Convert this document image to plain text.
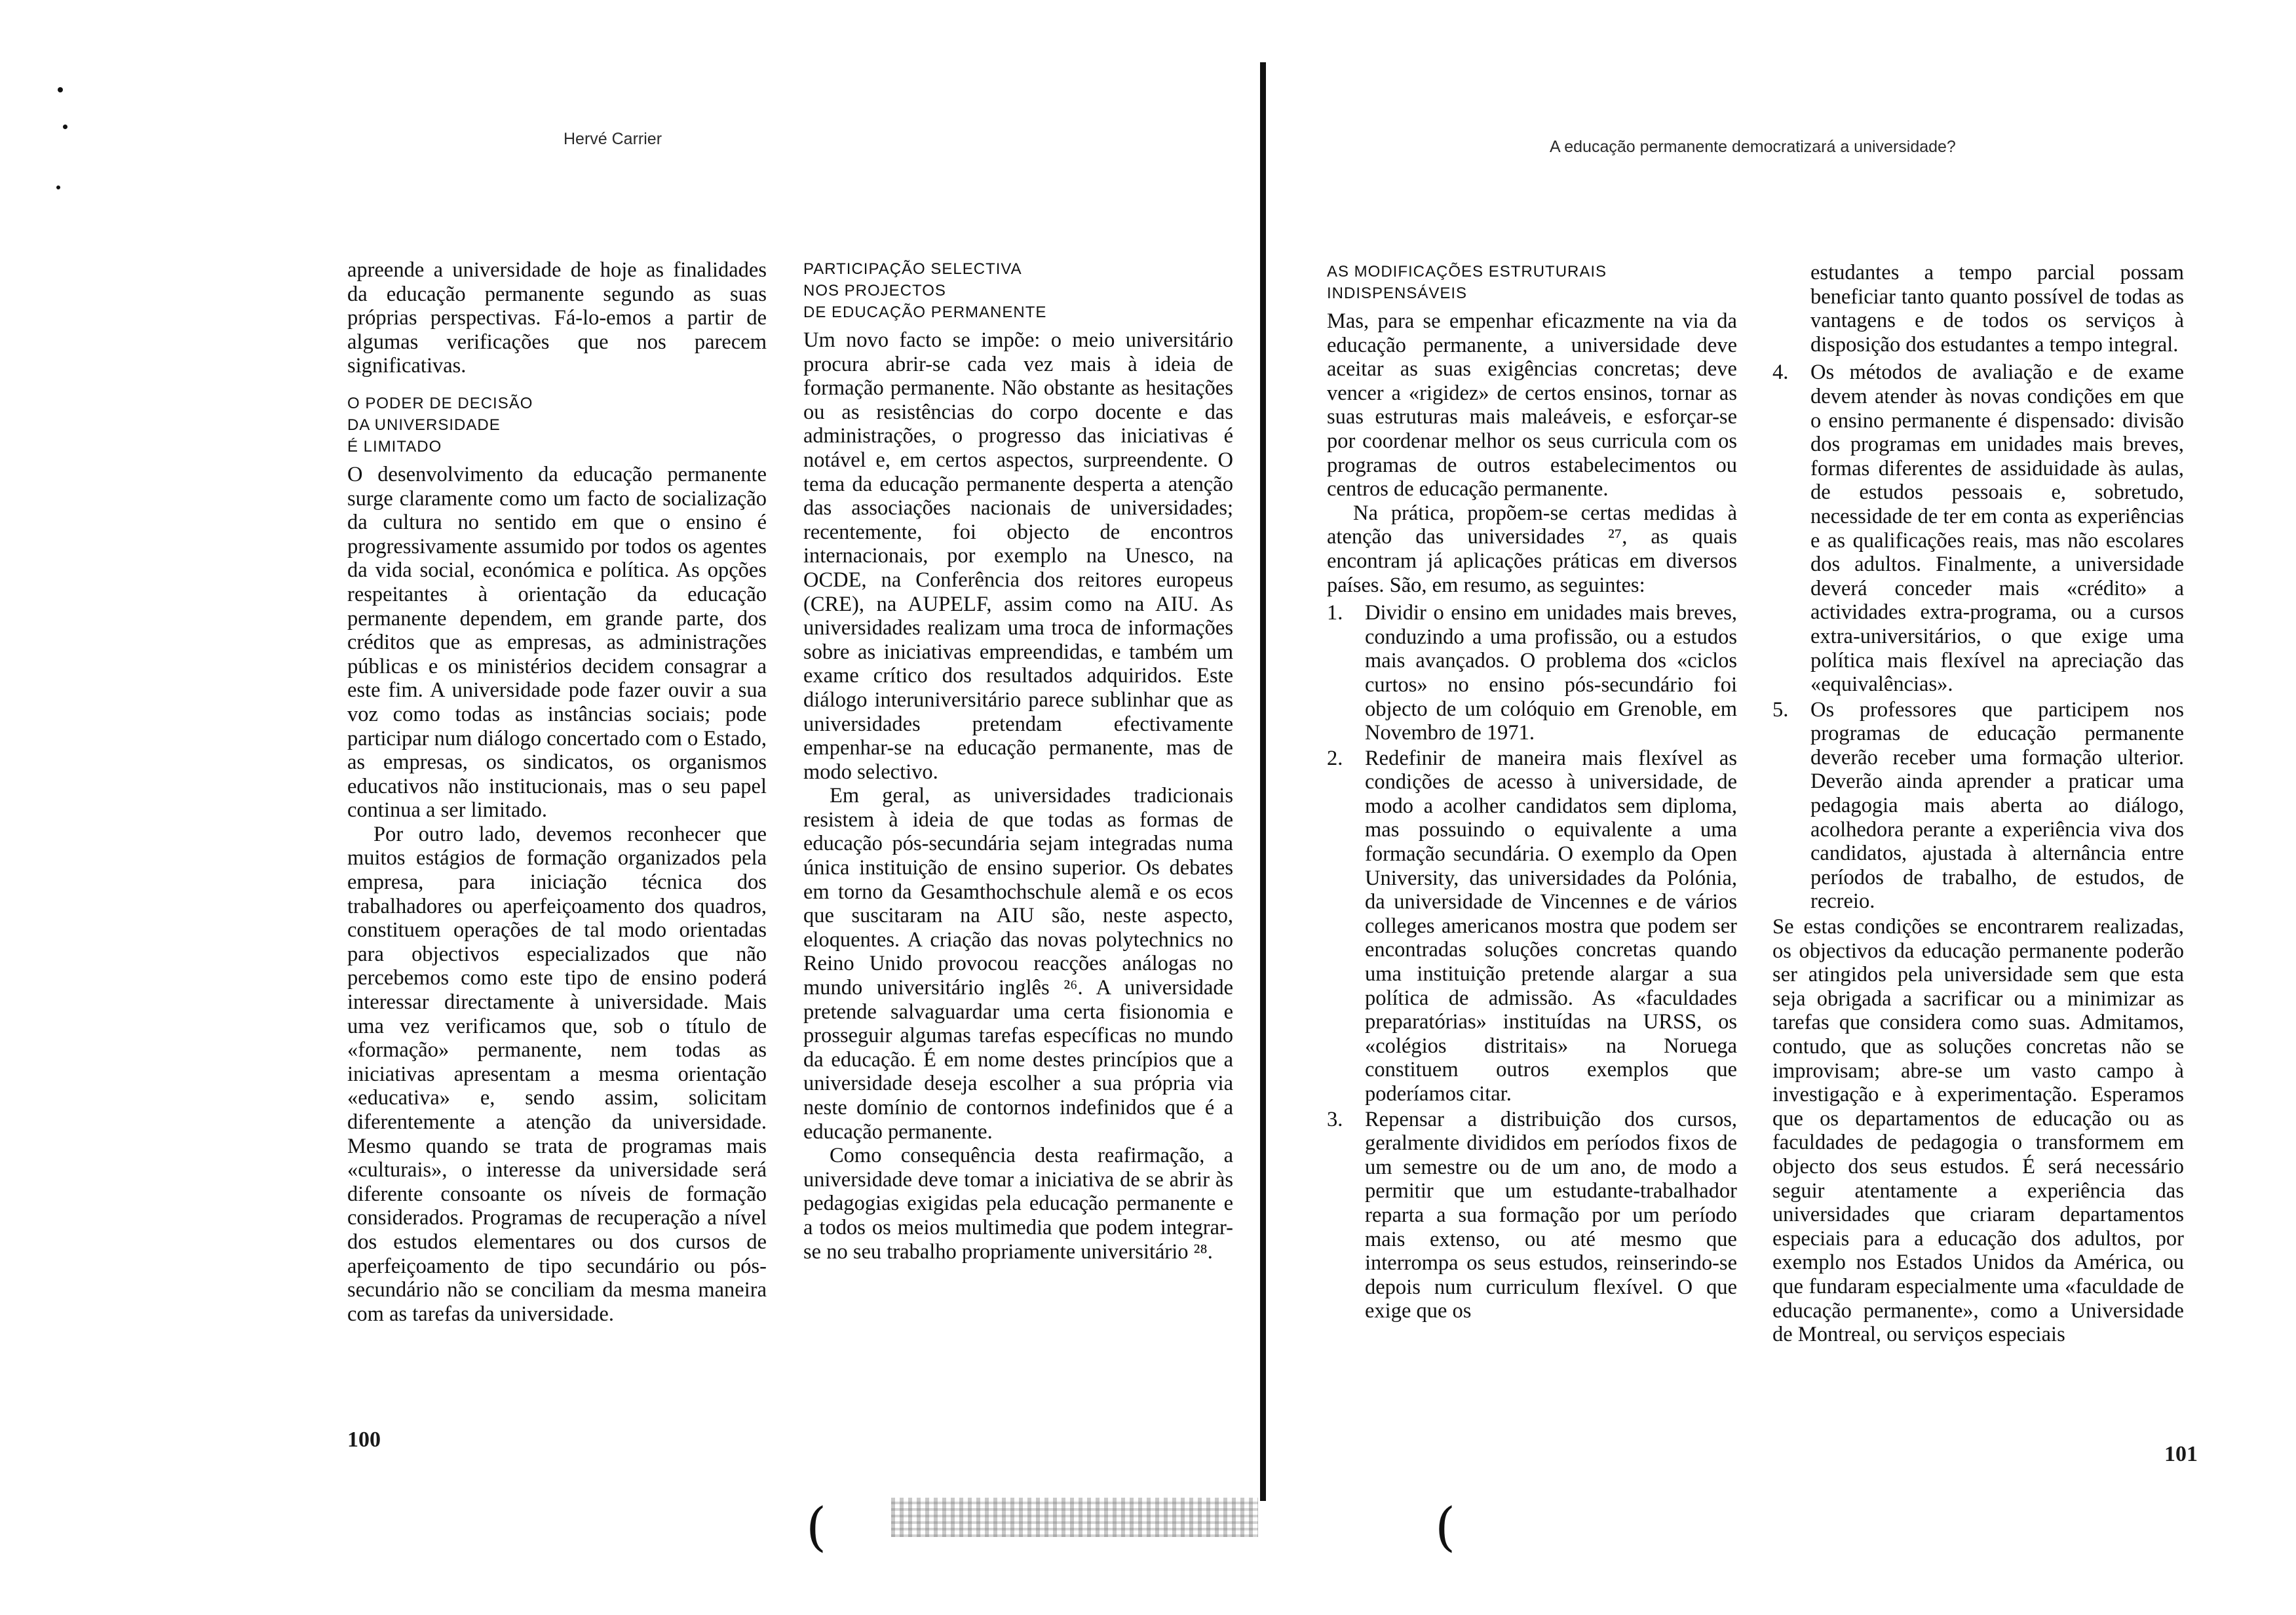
Hervé Carrier

apreende a universidade de hoje as finalidades da educação permanente segundo as suas próprias perspectivas. Fá-lo-emos a partir de algumas verificações que nos parecem significativas.

O PODER DE DECISÃO
DA UNIVERSIDADE
É LIMITADO

O desenvolvimento da educação permanente surge claramente como um facto de socialização da cultura no sentido em que o ensino é progressivamente assumido por todos os agentes da vida social, económica e política. As opções respeitantes à orientação da educação permanente dependem, em grande parte, dos créditos que as empresas, as administrações públicas e os ministérios decidem consagrar a este fim. A universidade pode fazer ouvir a sua voz como todas as instâncias sociais; pode participar num diálogo concertado com o Estado, as empresas, os sindicatos, os organismos educativos não institucionais, mas o seu papel continua a ser limitado.

Por outro lado, devemos reconhecer que muitos estágios de formação organizados pela empresa, para iniciação técnica dos trabalhadores ou aperfeiçoamento dos quadros, constituem operações de tal modo orientadas para objectivos especializados que não percebemos como este tipo de ensino poderá interessar directamente à universidade. Mais uma vez verificamos que, sob o título de «formação» permanente, nem todas as iniciativas apresentam a mesma orientação «educativa» e, sendo assim, solicitam diferentemente a atenção da universidade. Mesmo quando se trata de programas mais «culturais», o interesse da universidade será diferente consoante os níveis de formação considerados. Programas de recuperação a nível dos estudos elementares ou dos cursos de aperfeiçoamento de tipo secundário ou pós-secundário não se conciliam da mesma maneira com as tarefas da universidade.

PARTICIPAÇÃO SELECTIVA
NOS PROJECTOS
DE EDUCAÇÃO PERMANENTE

Um novo facto se impõe: o meio universitário procura abrir-se cada vez mais à ideia de formação permanente. Não obstante as hesitações ou as resistências do corpo docente e das administrações, o progresso das iniciativas é notável e, em certos aspectos, surpreendente. O tema da educação permanente desperta a atenção das associações nacionais de universidades; recentemente, foi objecto de encontros internacionais, por exemplo na Unesco, na OCDE, na Conferência dos reitores europeus (CRE), na AUPELF, assim como na AIU. As universidades realizam uma troca de informações sobre as iniciativas empreendidas, e também um exame crítico dos resultados adquiridos. Este diálogo interuniversitário parece sublinhar que as universidades pretendam efectivamente empenhar-se na educação permanente, mas de modo selectivo.

Em geral, as universidades tradicionais resistem à ideia de que todas as formas de educação pós-secundária sejam integradas numa única instituição de ensino superior. Os debates em torno da Gesamthochschule alemã e os ecos que suscitaram na AIU são, neste aspecto, eloquentes. A criação das novas polytechnics no Reino Unido provocou reacções análogas no mundo universitário inglês ²⁶. A universidade pretende salvaguardar uma certa fisionomia e prosseguir algumas tarefas específicas no mundo da educação. É em nome destes princípios que a universidade deseja escolher a sua própria via neste domínio de contornos indefinidos que é a educação permanente.

Como consequência desta reafirmação, a universidade deve tomar a iniciativa de se abrir às pedagogias exigidas pela educação permanente e a todos os meios multimedia que podem integrar-se no seu trabalho propriamente universitário ²⁸.

100
A educação permanente democratizará a universidade?
AS MODIFICAÇÕES ESTRUTURAIS
INDISPENSÁVEIS

Mas, para se empenhar eficazmente na via da educação permanente, a universidade deve aceitar as suas exigências concretas; deve vencer a «rigidez» de certos ensinos, tornar as suas estruturas mais maleáveis, e esforçar-se por coordenar melhor os seus curricula com os programas de outros estabelecimentos ou centros de educação permanente.

Na prática, propõem-se certas medidas à atenção das universidades ²⁷, as quais encontram já aplicações práticas em diversos países. São, em resumo, as seguintes:

1. Dividir o ensino em unidades mais breves, conduzindo a uma profissão, ou a estudos mais avançados. O problema dos «ciclos curtos» no ensino pós-secundário foi objecto de um colóquio em Grenoble, em Novembro de 1971.
2. Redefinir de maneira mais flexível as condições de acesso à universidade, de modo a acolher candidatos sem diploma, mas possuindo o equivalente a uma formação secundária. O exemplo da Open University, das universidades da Polónia, da universidade de Vincennes e de vários colleges americanos mostra que podem ser encontradas soluções concretas quando uma instituição pretende alargar a sua política de admissão. As «faculdades preparatórias» instituídas na URSS, os «colégios distritais» na Noruega constituem outros exemplos que poderíamos citar.
3. Repensar a distribuição dos cursos, geralmente divididos em períodos fixos de um semestre ou de um ano, de modo a permitir que um estudante-trabalhador reparta a sua formação por um período mais extenso, ou até mesmo que interrompa os seus estudos, reinserindo-se depois num curriculum flexível. O que exige que os

estudantes a tempo parcial possam beneficiar tanto quanto possível de todas as vantagens e de todos os serviços à disposição dos estudantes a tempo integral.

4. Os métodos de avaliação e de exame devem atender às novas condições em que o ensino permanente é dispensado: divisão dos programas em unidades mais breves, formas diferentes de assiduidade às aulas, de estudos pessoais e, sobretudo, necessidade de ter em conta as experiências e as qualificações reais, mas não escolares dos adultos. Finalmente, a universidade deverá conceder mais «crédito» a actividades extra-programa, ou a cursos extra-universitários, o que exige uma política mais flexível na apreciação das «equivalências».
5. Os professores que participem nos programas de educação permanente deverão receber uma formação ulterior. Deverão ainda aprender a praticar uma pedagogia mais aberta ao diálogo, acolhedora perante a experiência viva dos candidatos, ajustada à alternância entre períodos de trabalho, de estudos, de recreio.

Se estas condições se encontrarem realizadas, os objectivos da educação permanente poderão ser atingidos pela universidade sem que esta seja obrigada a sacrificar ou a minimizar as tarefas que considera como suas. Admitamos, contudo, que as soluções concretas não se improvisam; abre-se um vasto campo à investigação e à experimentação. Esperamos que os departamentos de educação ou as faculdades de pedagogia o transformem em objecto dos seus estudos. É será necessário seguir atentamente a experiência das universidades que criaram departamentos especiais para a educação dos adultos, por exemplo nos Estados Unidos da América, ou que fundaram especialmente uma «faculdade de educação permanente», como a Universidade de Montreal, ou serviços especiais

101
(	(
